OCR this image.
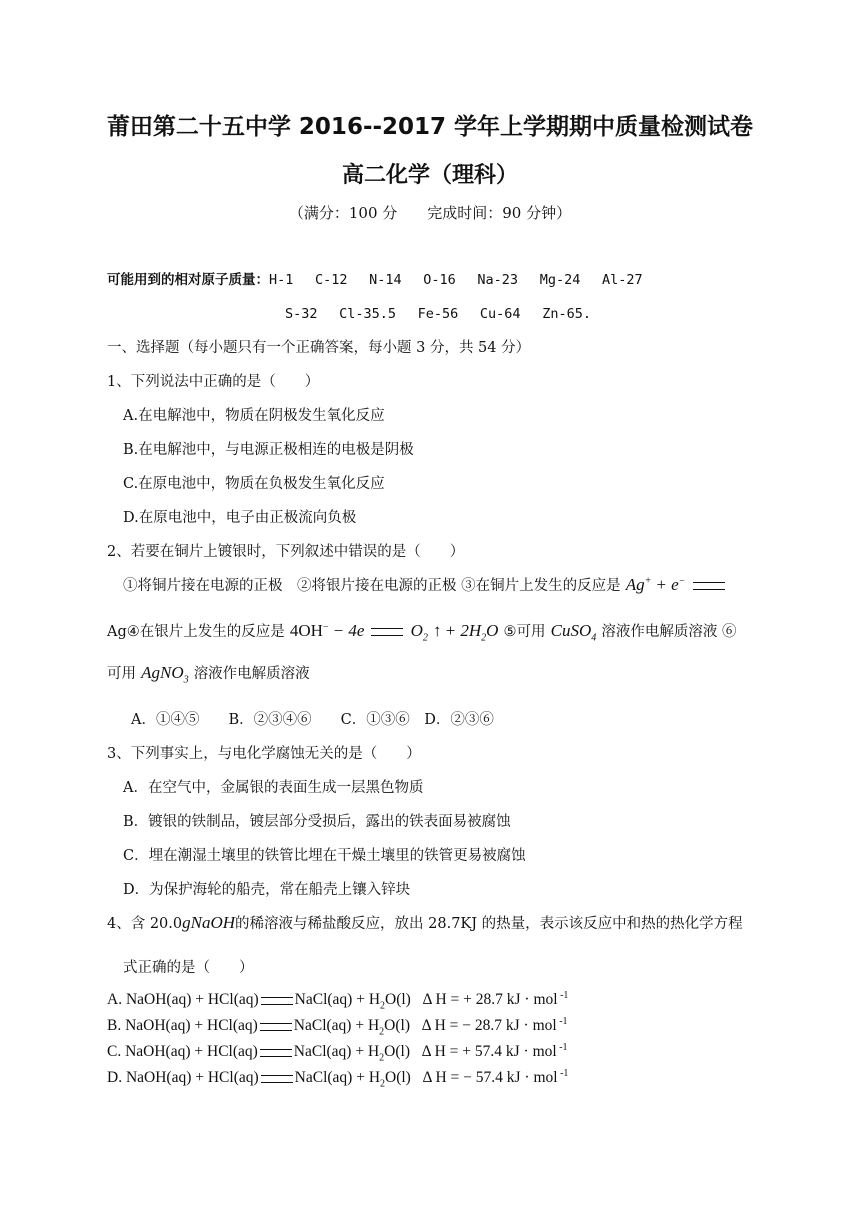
莆田第二十五中学 2016--2017 学年上学期期中质量检测试卷
高二化学（理科）
（满分：100 分　　完成时间：90 分钟）
可能用到的相对原子质量：H-1　 C-12　 N-14　 O-16　 Na-23　 Mg-24　 Al-27
S-32　 Cl-35.5　 Fe-56　 Cu-64　 Zn-65.
一、选择题（每小题只有一个正确答案，每小题 3 分，共 54 分）
1、下列说法中正确的是（　　）
A.在电解池中，物质在阴极发生氧化反应
B.在电解池中，与电源正极相连的电极是阴极
C.在原电池中，物质在负极发生氧化反应
D.在原电池中，电子由正极流向负极
2、若要在铜片上镀银时，下列叙述中错误的是（　　）
①将铜片接在电源的正极　②将银片接在电源的正极 ③在铜片上发生的反应是 Ag+ + e−
Ag④在银片上发生的反应是 4OH− − 4e	$O_2$ ↑ + $2H_2O$ ⑤可用 CuSO$_4$ 溶液作电解质溶液 ⑥
可用 AgNO$_3$ 溶液作电解质溶液
A．①④⑤　　B．②③④⑥　　C．①③⑥　D．②③⑥
3、下列事实上，与电化学腐蚀无关的是（　　）
A．在空气中，金属银的表面生成一层黑色物质
B．镀银的铁制品，镀层部分受损后，露出的铁表面易被腐蚀
C．埋在潮湿土壤里的铁管比埋在干燥土壤里的铁管更易被腐蚀
D．为保护海轮的船壳，常在船壳上镶入锌块
4、含 20.0gNaOH的稀溶液与稀盐酸反应，放出 28.7KJ 的热量，表示该反应中和热的热化学方程
式正确的是（　　）
A. NaOH(aq) + HCl(aq) NaCl(aq) + $H_2O(l)$ Δ H = + 28.7 kJ · mol $^{-1}$
B. NaOH(aq) + HCl(aq) NaCl(aq) + $H_2O(l)$ Δ H = − 28.7 kJ · mol $^{-1}$
C. NaOH(aq) + HCl(aq) NaCl(aq) + $H_2O(l)$ Δ H = + 57.4 kJ · mol $^{-1}$
D. NaOH(aq) + HCl(aq) NaCl(aq) + $H_2O(l)$ Δ H = − 57.4 kJ · mol $^{-1}$
